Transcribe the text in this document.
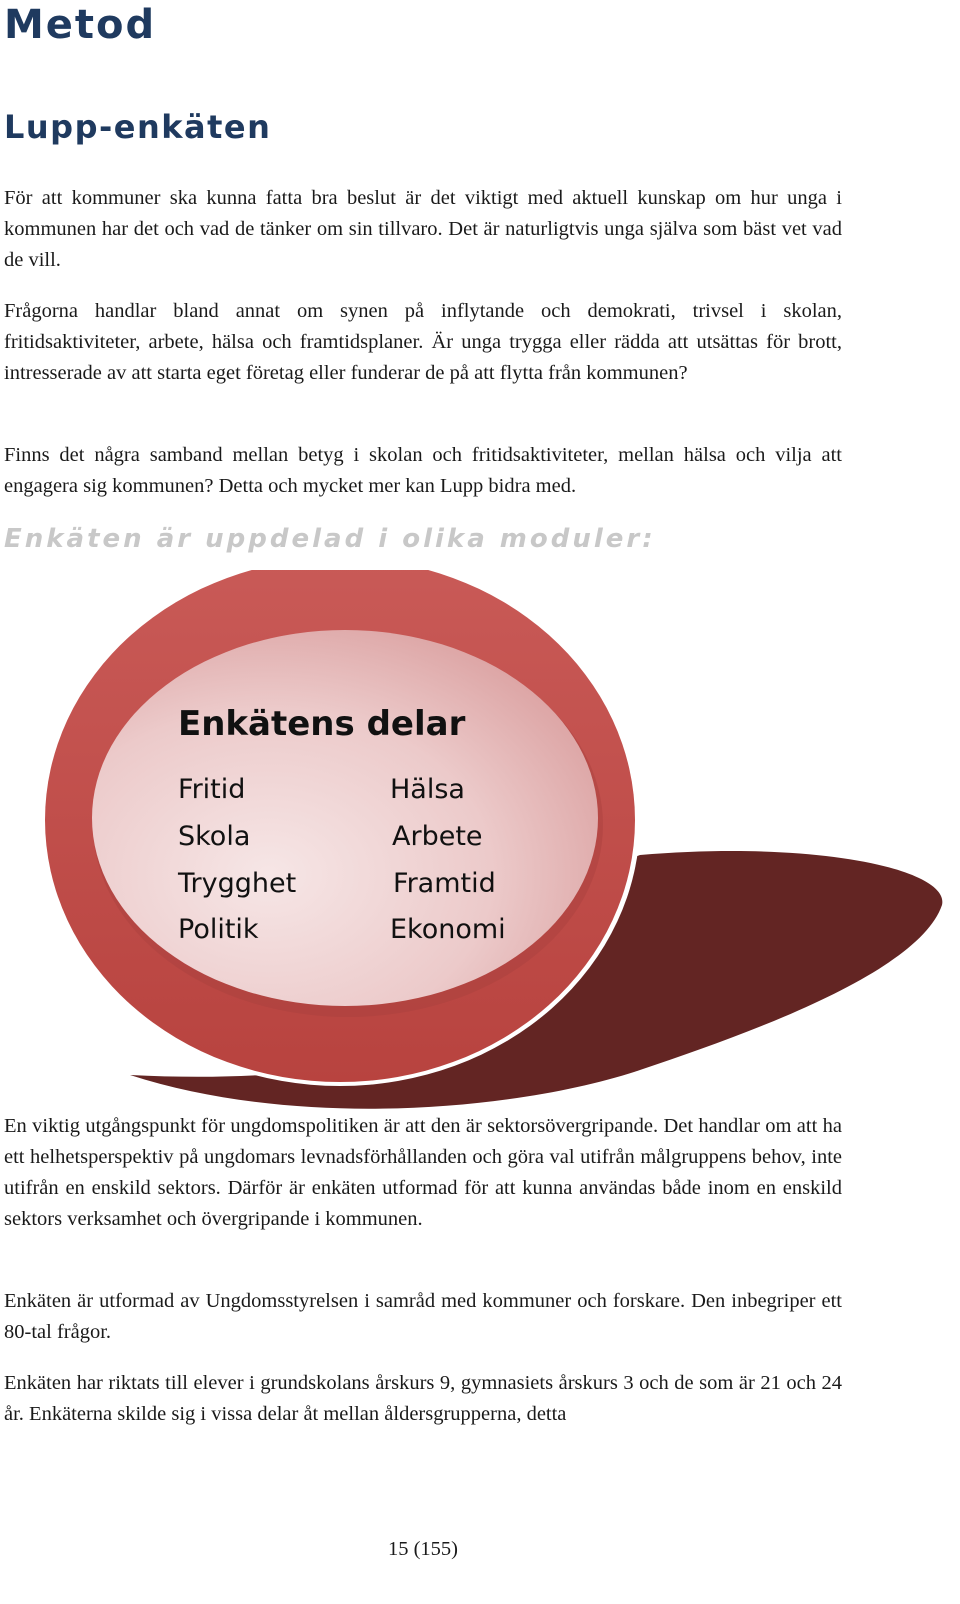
Metod
Lupp-enkäten

För att kommuner ska kunna fatta bra beslut är det viktigt med aktuell kunskap om hur unga i kommunen har det och vad de tänker om sin tillvaro. Det är naturligtvis unga själva som bäst vet vad de vill.

Frågorna handlar bland annat om synen på inflytande och demokrati, trivsel i skolan, fritidsaktiviteter, arbete, hälsa och framtidsplaner. Är unga trygga eller rädda att utsättas för brott, intresserade av att starta eget företag eller funderar de på att flytta från kommunen?

Finns det några samband mellan betyg i skolan och fritidsaktiviteter, mellan hälsa och vilja att engagera sig kommunen? Detta och mycket mer kan Lupp bidra med.

Enkäten är uppdelad i olika moduler:
Enkätens delar
Fritid
Skola
Trygghet
Politik
Hälsa
Arbete
Framtid
Ekonomi

En viktig utgångspunkt för ungdomspolitiken är att den är sektorsövergripande. Det handlar om att ha ett helhetsperspektiv på ungdomars levnadsförhållanden och göra val utifrån målgruppens behov, inte utifrån en enskild sektors. Därför är enkäten utformad för att kunna användas både inom en enskild sektors verksamhet och övergripande i kommunen.

Enkäten är utformad av Ungdomsstyrelsen i samråd med kommuner och forskare. Den inbegriper ett 80-tal frågor.

Enkäten har riktats till elever i grundskolans årskurs 9, gymnasiets årskurs 3 och de som är 21 och 24 år. Enkäterna skilde sig i vissa delar åt mellan åldersgrupperna, detta

15 (155)
